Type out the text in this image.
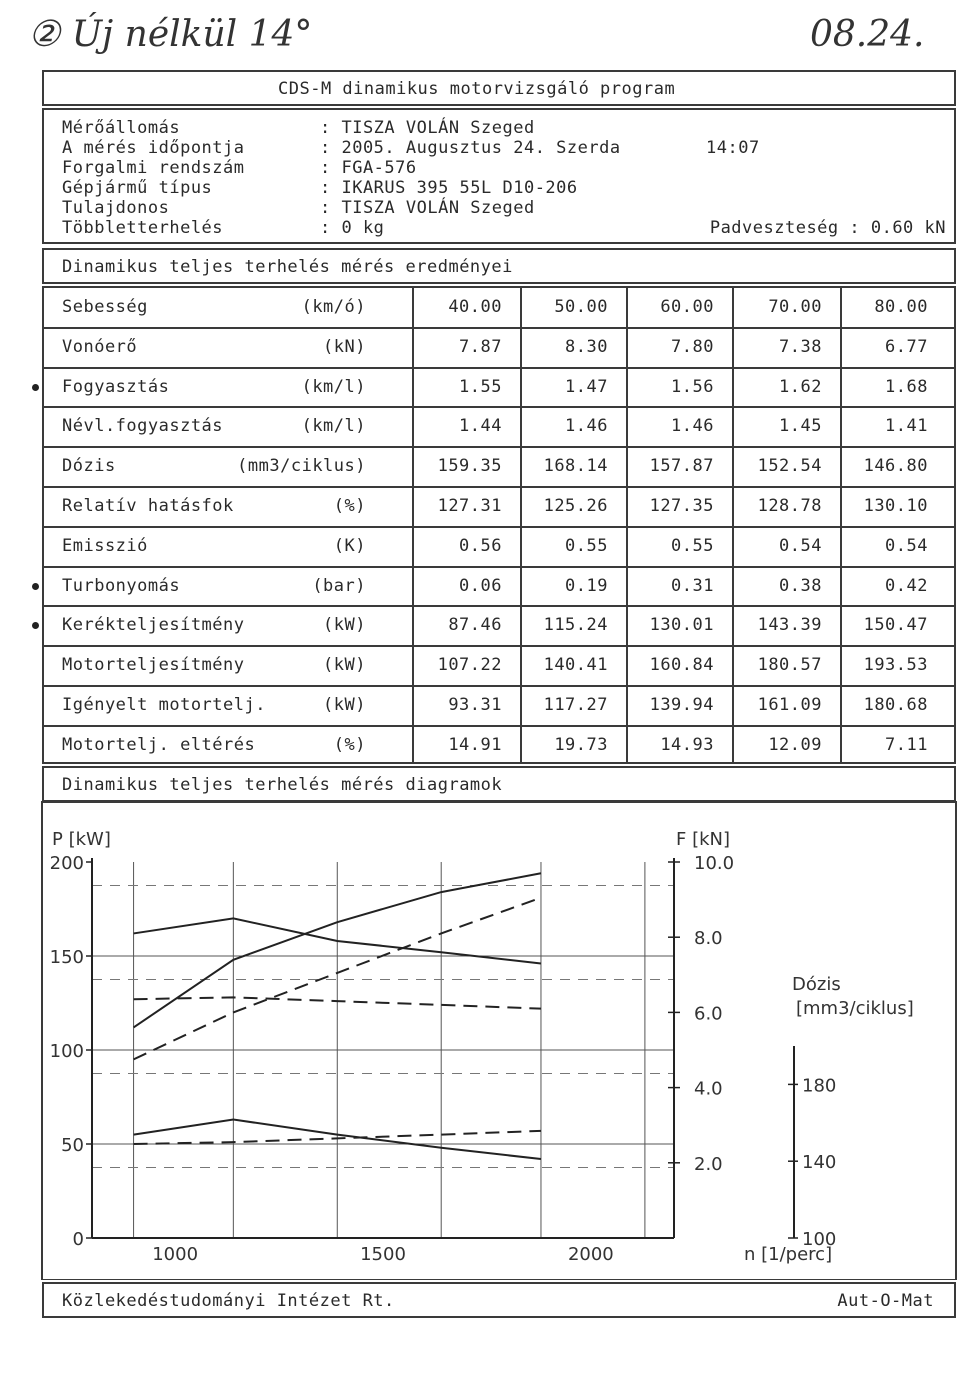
② Új nélkül 14°	08.24.
CDS-M dinamikus motorvizsgáló program
Mérőállomás	: TISZA VOLÁN Szeged
A mérés időpontja	: 2005. Augusztus 24. Szerda	14:07
Forgalmi rendszám	: FGA-576
Gépjármű típus	: IKARUS 395 55L D10-206
Tulajdonos	: TISZA VOLÁN Szeged
Többletterhelés	: 0 kg	Padveszteség : 0.60 kN
Dinamikus teljes terhelés mérés eredményei
Sebesség	(km/ó)	40.00	50.00	60.00	70.00	80.00
Vonóerő	(kN)	7.87	8.30	7.80	7.38	6.77
Fogyasztás	(km/l)	1.55	1.47	1.56	1.62	1.68
Névl.fogyasztás	(km/l)	1.44	1.46	1.46	1.45	1.41
Dózis	(mm3/ciklus)	159.35	168.14	157.87	152.54	146.80
Relatív hatásfok	(%)	127.31	125.26	127.35	128.78	130.10
Emisszió	(K)	0.56	0.55	0.55	0.54	0.54
Turbonyomás	(bar)	0.06	0.19	0.31	0.38	0.42
Kerékteljesítmény	(kW)	87.46	115.24	130.01	143.39	150.47
Motorteljesítmény	(kW)	107.22	140.41	160.84	180.57	193.53
Igényelt motortelj.	(kW)	93.31	117.27	139.94	161.09	180.68
Motortelj. eltérés	(%)	14.91	19.73	14.93	12.09	7.11
Dinamikus teljes terhelés mérés diagramok
200
150
100
50
0
P [kW]
10.0
8.0
6.0
4.0
2.0
F [kN]
180
140
100
Dózis
[mm3/ciklus]
1000	1500	2000	n [1/perc]
Közlekedéstudományi Intézet Rt.	Aut-O-Mat
